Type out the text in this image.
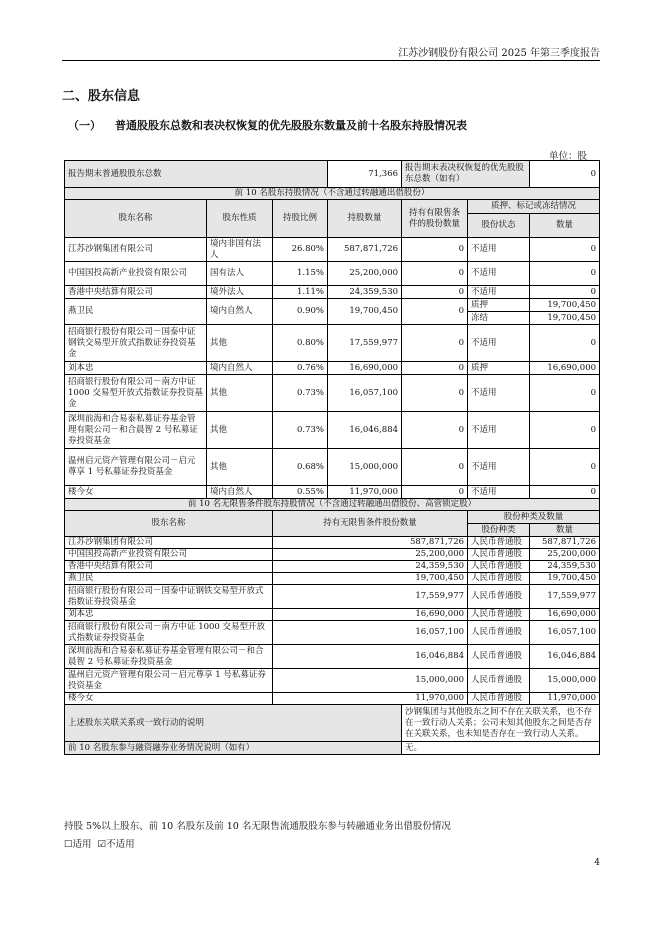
江苏沙钢股份有限公司 2025 年第三季度报告
二、股东信息
（一） 普通股股东总数和表决权恢复的优先股股东数量及前十名股东持股情况表
单位：股
报告期末普通股股东总数			71,366	报告期末表决权恢复的优先股股东总数（如有）		0
前 10 名股东持股情况（不含通过转融通出借股份）						
股东名称	股东性质	持股比例	持股数量	持有有限售条件的股份数量	质押、标记或冻结情况	
					股份状态	数量
江苏沙钢集团有限公司	境内非国有法人	26.80%	587,871,726	0	不适用	0
中国国投高新产业投资有限公司	国有法人	1.15%	25,200,000	0	不适用	0
香港中央结算有限公司	境外法人	1.11%	24,359,530	0	不适用	0
燕卫民	境内自然人	0.90%	19,700,450	0	质押	19,700,450
					冻结	19,700,450
招商银行股份有限公司－国泰中证钢铁交易型开放式指数证券投资基金	其他	0.80%	17,559,977	0	不适用	0
刘本忠	境内自然人	0.76%	16,690,000	0	质押	16,690,000
招商银行股份有限公司－南方中证 1000 交易型开放式指数证券投资基金	其他	0.73%	16,057,100	0	不适用	0
深圳前海和合易泰私募证券基金管理有限公司－和合晨智 2 号私募证券投资基金	其他	0.73%	16,046,884	0	不适用	0
温州启元资产管理有限公司－启元尊享 1 号私募证券投资基金	其他	0.68%	15,000,000	0	不适用	0
楼今女	境内自然人	0.55%	11,970,000	0	不适用	0
前 10 名无限售条件股东持股情况（不含通过转融通出借股份、高管锁定股）						
股东名称		持有无限售条件股份数量			股份种类及数量	
					股份种类	数量
江苏沙钢集团有限公司		587,871,726			人民币普通股	587,871,726
中国国投高新产业投资有限公司		25,200,000			人民币普通股	25,200,000
香港中央结算有限公司		24,359,530			人民币普通股	24,359,530
燕卫民		19,700,450			人民币普通股	19,700,450
招商银行股份有限公司－国泰中证钢铁交易型开放式指数证券投资基金		17,559,977			人民币普通股	17,559,977
刘本忠		16,690,000			人民币普通股	16,690,000
招商银行股份有限公司－南方中证 1000 交易型开放式指数证券投资基金		16,057,100			人民币普通股	16,057,100
深圳前海和合易泰私募证券基金管理有限公司－和合晨智 2 号私募证券投资基金		16,046,884			人民币普通股	16,046,884
温州启元资产管理有限公司－启元尊享 1 号私募证券投资基金		15,000,000			人民币普通股	15,000,000
楼今女		11,970,000			人民币普通股	11,970,000
上述股东关联关系或一致行动的说明				沙钢集团与其他股东之间不存在关联关系，也不存在一致行动人关系；公司未知其他股东之间是否存在关联关系，也未知是否存在一致行动人关系。		
前 10 名股东参与融资融券业务情况说明（如有）				无。		
持股 5%以上股东、前 10 名股东及前 10 名无限售流通股股东参与转融通业务出借股份情况
☐适用 ☑不适用
4
